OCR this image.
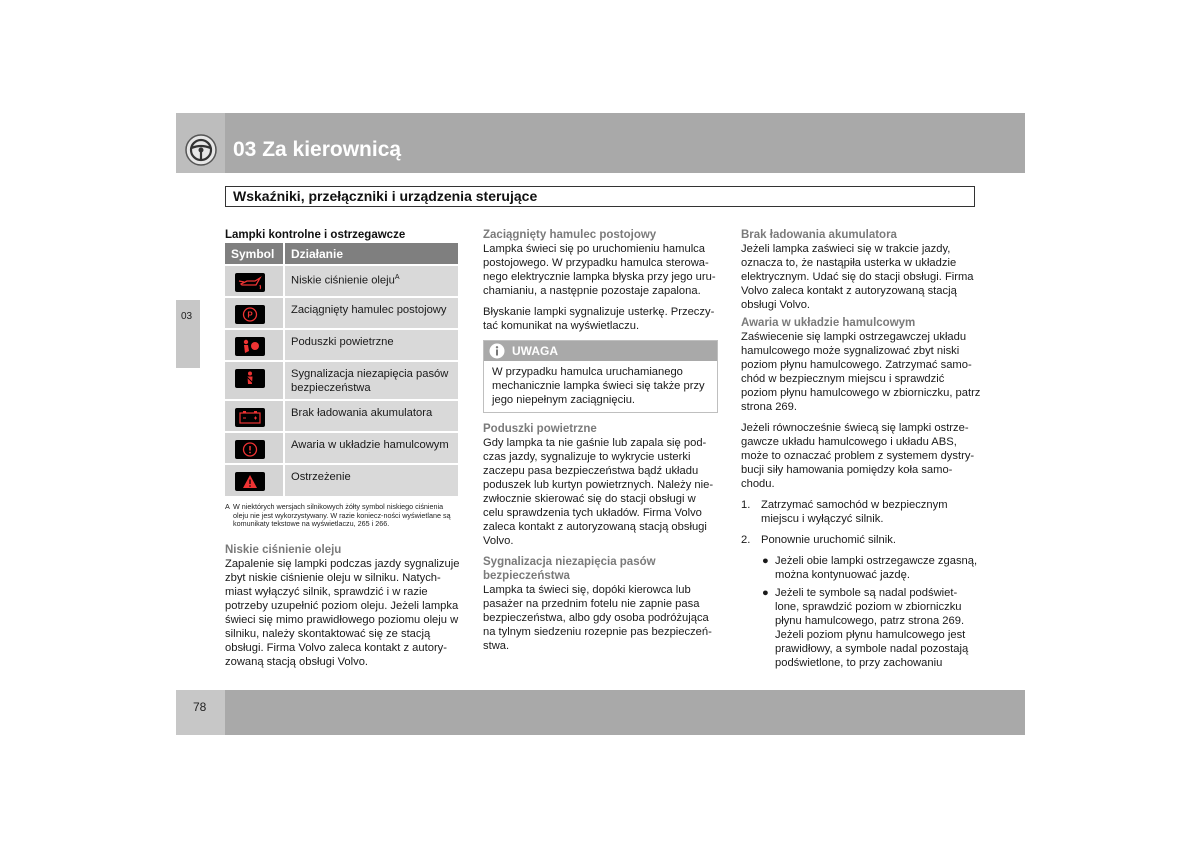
03 Za kierownicą
Wskaźniki, przełączniki i urządzenia sterujące
03
78
Lampki kontrolne i ostrzegawcze
Symbol	Działanie

	Niskie ciśnienie oleju$^A$

P	Zaciągnięty hamulec postojowy

	Poduszki powietrzne

	Sygnalizacja niezapięcia pasów bezpieczeństwa

	Brak ładowania akumulatora

	Awaria w układzie hamulcowym

	Ostrzeżenie
A W niektórych wersjach silnikowych żółty symbol niskiego ciśnienia oleju nie jest wykorzystywany. W razie koniecz-ności wyświetlane są komunikaty tekstowe na wyświetlaczu, 265 i 266.
Niskie ciśnienie oleju

Zapalenie się lampki podczas jazdy sygnalizuje zbyt niskie ciśnienie oleju w silniku. Natych-miast wyłączyć silnik, sprawdzić i w razie potrzeby uzupełnić poziom oleju. Jeżeli lampka świeci się mimo prawidłowego poziomu oleju w silniku, należy skontaktować się ze stacją obsługi. Firma Volvo zaleca kontakt z autory-zowaną stacją obsługi Volvo.

Zaciągnięty hamulec postojowy

Lampka świeci się po uruchomieniu hamulca postojowego. W przypadku hamulca sterowa-nego elektrycznie lampka błyska przy jego uru-chamianiu, a następnie pozostaje zapalona.

Błyskanie lampki sygnalizuje usterkę. Przeczy-tać komunikat na wyświetlaczu.

UWAGA
W przypadku hamulca uruchamianego mechanicznie lampka świeci się także przy jego niepełnym zaciągnięciu.
Poduszki powietrzne

Gdy lampka ta nie gaśnie lub zapala się pod-czas jazdy, sygnalizuje to wykrycie usterki zaczepu pasa bezpieczeństwa bądź układu poduszek lub kurtyn powietrznych. Należy nie-zwłocznie skierować się do stacji obsługi w celu sprawdzenia tych układów. Firma Volvo zaleca kontakt z autoryzowaną stacją obsługi Volvo.

Sygnalizacja niezapięcia pasów bezpieczeństwa

Lampka ta świeci się, dopóki kierowca lub pasażer na przednim fotelu nie zapnie pasa bezpieczeństwa, albo gdy osoba podróżująca na tylnym siedzeniu rozepnie pas bezpieczeń-stwa.

Brak ładowania akumulatora

Jeżeli lampka zaświeci się w trakcie jazdy, oznacza to, że nastąpiła usterka w układzie elektrycznym. Udać się do stacji obsługi. Firma Volvo zaleca kontakt z autoryzowaną stacją obsługi Volvo.

Awaria w układzie hamulcowym

Zaświecenie się lampki ostrzegawczej układu hamulcowego może sygnalizować zbyt niski poziom płynu hamulcowego. Zatrzymać samo-chód w bezpiecznym miejscu i sprawdzić poziom płynu hamulcowego w zbiorniczku, patrz strona 269.

Jeżeli równocześnie świecą się lampki ostrze-gawcze układu hamulcowego i układu ABS, może to oznaczać problem z systemem dystry-bucji siły hamowania pomiędzy koła samo-chodu.

1. Zatrzymać samochód w bezpiecznym miejscu i wyłączyć silnik.
2. Ponownie uruchomić silnik.
● Jeżeli obie lampki ostrzegawcze zgasną, można kontynuować jazdę.
● Jeżeli te symbole są nadal podświet-lone, sprawdzić poziom w zbiorniczku płynu hamulcowego, patrz strona 269. Jeżeli poziom płynu hamulcowego jest prawidłowy, a symbole nadal pozostają podświetlone, to przy zachowaniu
